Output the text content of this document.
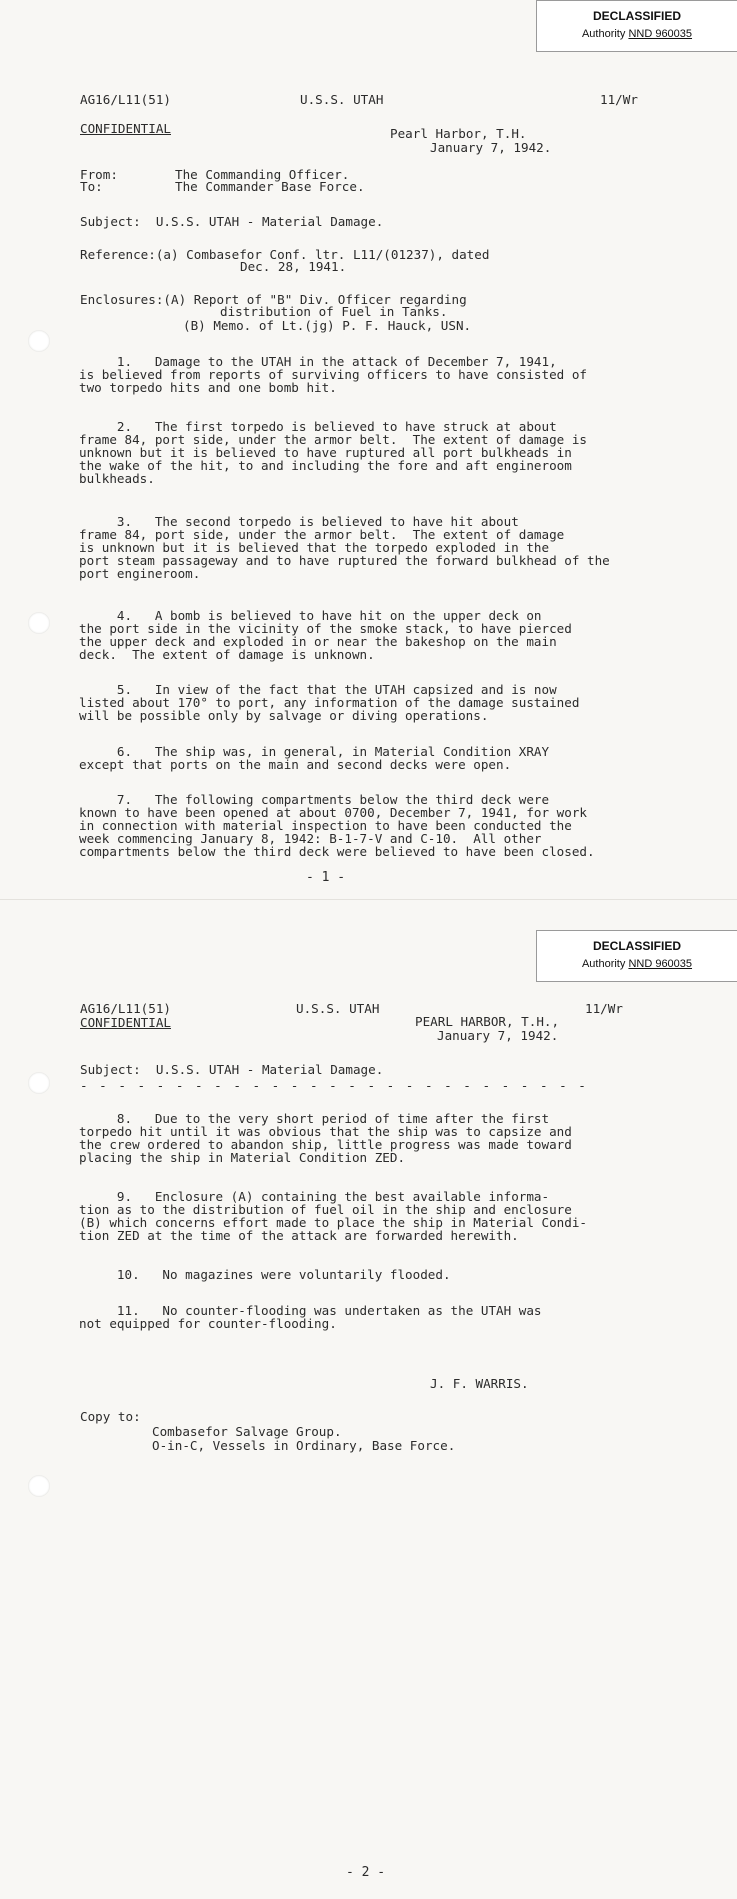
DECLASSIFIED
Authority NND 960035
AG16/L11(51)	U.S.S. UTAH	11/Wr
CONFIDENTIAL	Pearl Harbor, T.H.
January 7, 1942.
From:	The Commanding Officer.
To:	The Commander Base Force.
Subject:  U.S.S. UTAH - Material Damage.
Reference:(a) Combasefor Conf. ltr. L11/(01237), dated
Dec. 28, 1941.
Enclosures:(A) Report of "B" Div. Officer regarding
distribution of Fuel in Tanks.
(B) Memo. of Lt.(jg) P. F. Hauck, USN.
1.   Damage to the UTAH in the attack of December 7, 1941,
is believed from reports of surviving officers to have consisted of
two torpedo hits and one bomb hit.
2.   The first torpedo is believed to have struck at about
frame 84, port side, under the armor belt.  The extent of damage is
unknown but it is believed to have ruptured all port bulkheads in
the wake of the hit, to and including the fore and aft engineroom
bulkheads.
3.   The second torpedo is believed to have hit about
frame 84, port side, under the armor belt.  The extent of damage
is unknown but it is believed that the torpedo exploded in the
port steam passageway and to have ruptured the forward bulkhead of the
port engineroom.
4.   A bomb is believed to have hit on the upper deck on
the port side in the vicinity of the smoke stack, to have pierced
the upper deck and exploded in or near the bakeshop on the main
deck.  The extent of damage is unknown.
5.   In view of the fact that the UTAH capsized and is now
listed about 170° to port, any information of the damage sustained
will be possible only by salvage or diving operations.
6.   The ship was, in general, in Material Condition XRAY
except that ports on the main and second decks were open.
7.   The following compartments below the third deck were
known to have been opened at about 0700, December 7, 1941, for work
in connection with material inspection to have been conducted the
week commencing January 8, 1942: B-1-7-V and C-10.  All other
compartments below the third deck were believed to have been closed.
- 1 -
DECLASSIFIED
Authority NND 960035
AG16/L11(51)	U.S.S. UTAH	11/Wr
CONFIDENTIAL	PEARL HARBOR, T.H.,
January 7, 1942.
Subject:  U.S.S. UTAH - Material Damage.
- - - - - - - - - - - - - - - - - - - - - - - - - - -
8.   Due to the very short period of time after the first
torpedo hit until it was obvious that the ship was to capsize and
the crew ordered to abandon ship, little progress was made toward
placing the ship in Material Condition ZED.
9.   Enclosure (A) containing the best available informa-
tion as to the distribution of fuel oil in the ship and enclosure
(B) which concerns effort made to place the ship in Material Condi-
tion ZED at the time of the attack are forwarded herewith.
10.   No magazines were voluntarily flooded.
11.   No counter-flooding was undertaken as the UTAH was
not equipped for counter-flooding.
J. F. WARRIS.
Copy to:
Combasefor Salvage Group.
O-in-C, Vessels in Ordinary, Base Force.
- 2 -
